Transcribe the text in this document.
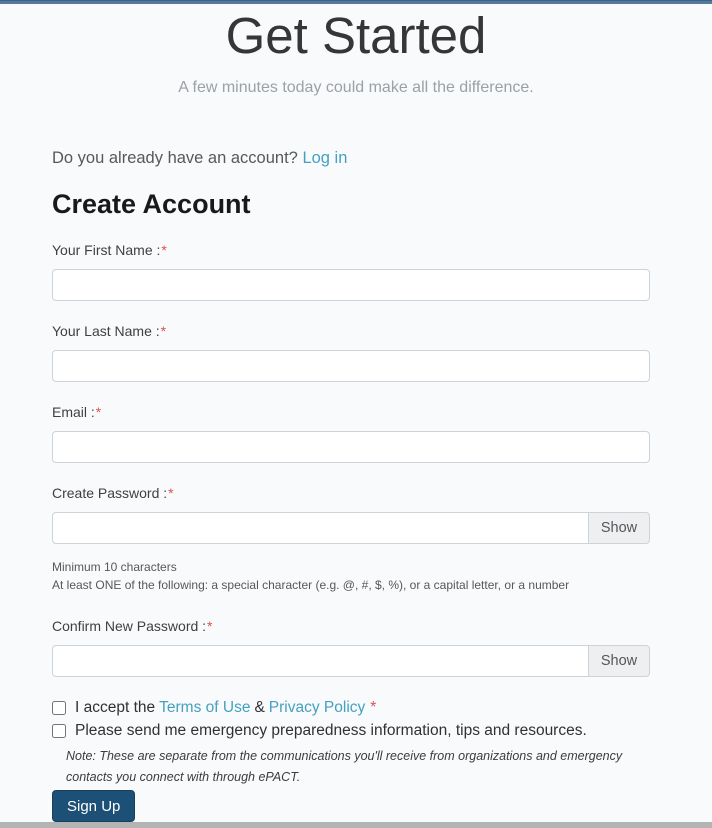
Get Started

A few minutes today could make all the difference.

Do you already have an account? Log in
Create Account
Your First Name :*
Your Last Name :*
Email :*
Create Password :*
Show
Minimum 10 characters
At least ONE of the following: a special character (e.g. @, #, $, %), or a capital letter, or a number
Confirm New Password :*
Show
I accept the Terms of Use & Privacy Policy *
Please send me emergency preparedness information, tips and resources.

Note: These are separate from the communications you'll receive from organizations and emergency contacts you connect with through ePACT.

Sign Up
